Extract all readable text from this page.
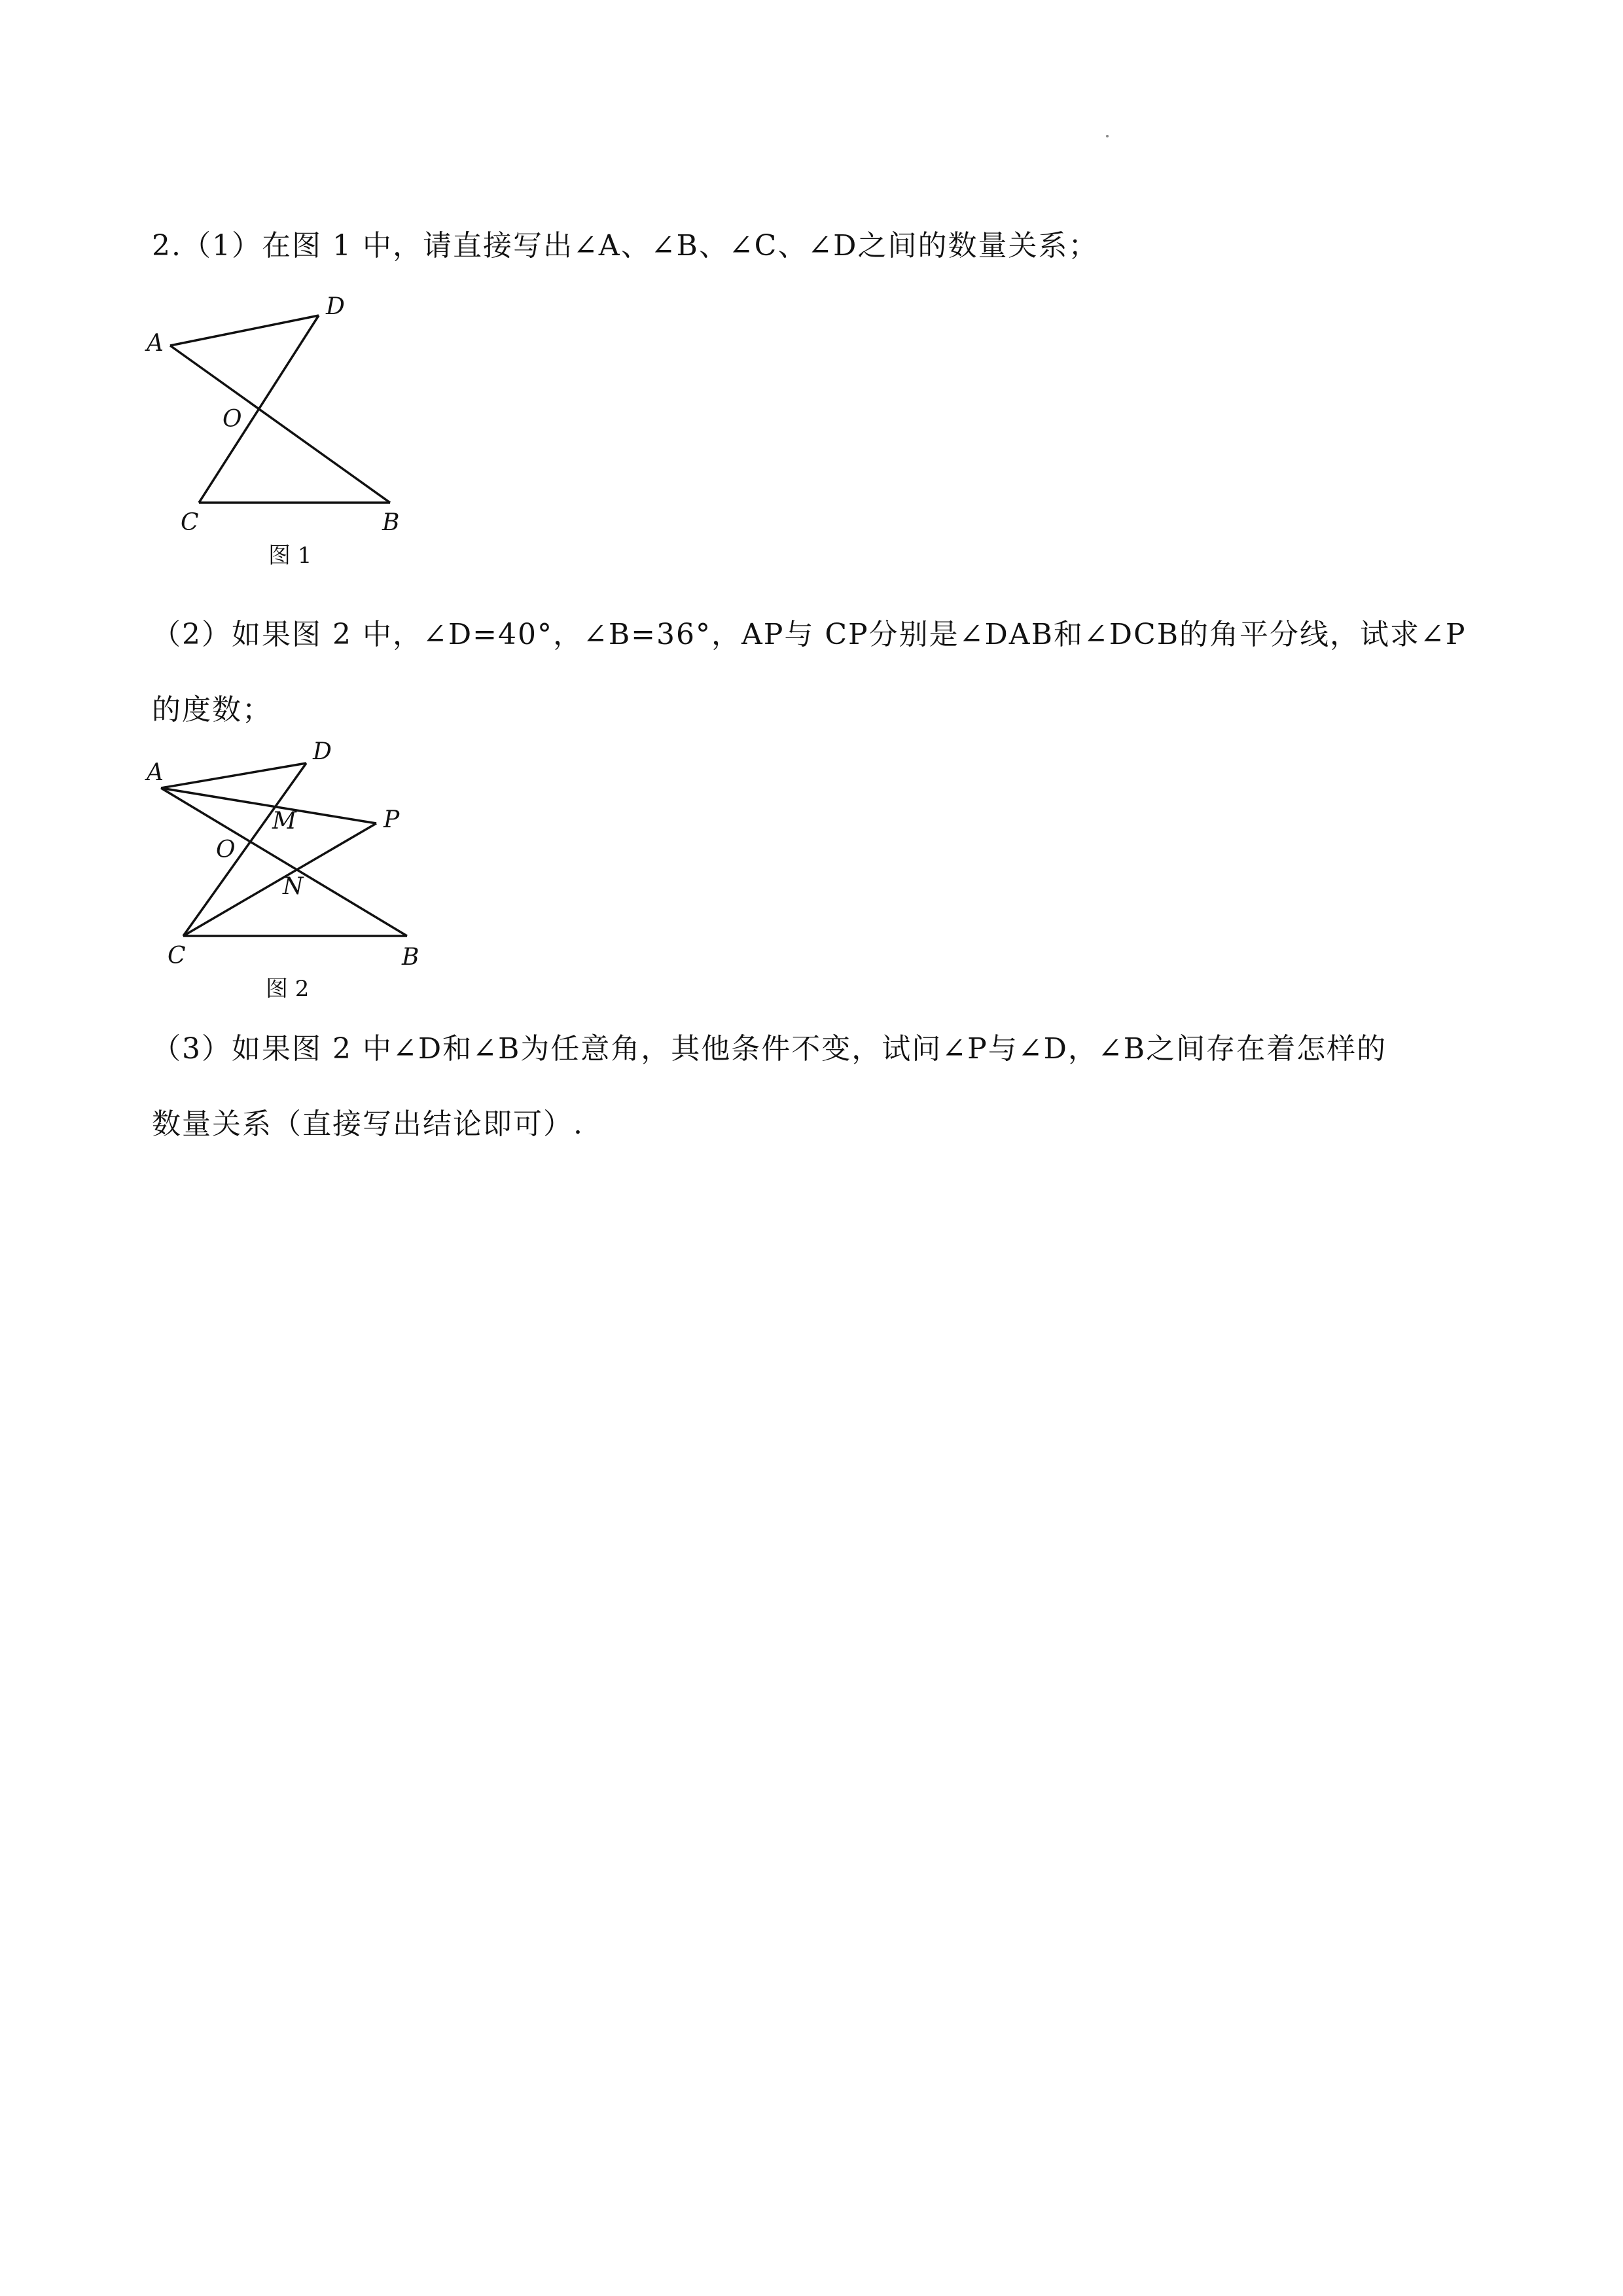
2.（1）在图 1 中，请直接写出∠A、∠B、∠C、∠D之间的数量关系；
A
D
O
C	B
图 1
（2）如果图 2 中，∠D=40°，∠B=36°，AP与 CP分别是∠DAB和∠DCB的角平分线，试求∠P
的度数；
A
D
M	P
O
N
C	B
图 2
（3）如果图 2 中∠D和∠B为任意角，其他条件不变，试问∠P与∠D，∠B之间存在着怎样的
数量关系（直接写出结论即可）.
